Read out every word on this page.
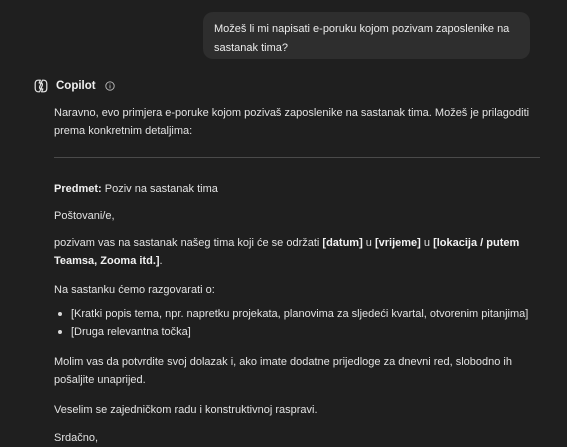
Možeš li mi napisati e-poruku kojom pozivam zaposlenike na sastanak tima?
Copilot

Naravno, evo primjera e-poruke kojom pozivaš zaposlenike na sastanak tima. Možeš je prilagoditi prema konkretnim detaljima:

Predmet: Poziv na sastanak tima

Poštovani/e,

pozivam vas na sastanak našeg tima koji će se održati [datum] u [vrijeme] u [lokacija / putem Teamsa, Zooma itd.].

Na sastanku ćemo razgovarati o:

[Kratki popis tema, npr. napretku projekata, planovima za sljedeći kvartal, otvorenim pitanjima]
[Druga relevantna točka]

Molim vas da potvrdite svoj dolazak i, ako imate dodatne prijedloge za dnevni red, slobodno ih pošaljite unaprijed.

Veselim se zajedničkom radu i konstruktivnoj raspravi.

Srdačno,
